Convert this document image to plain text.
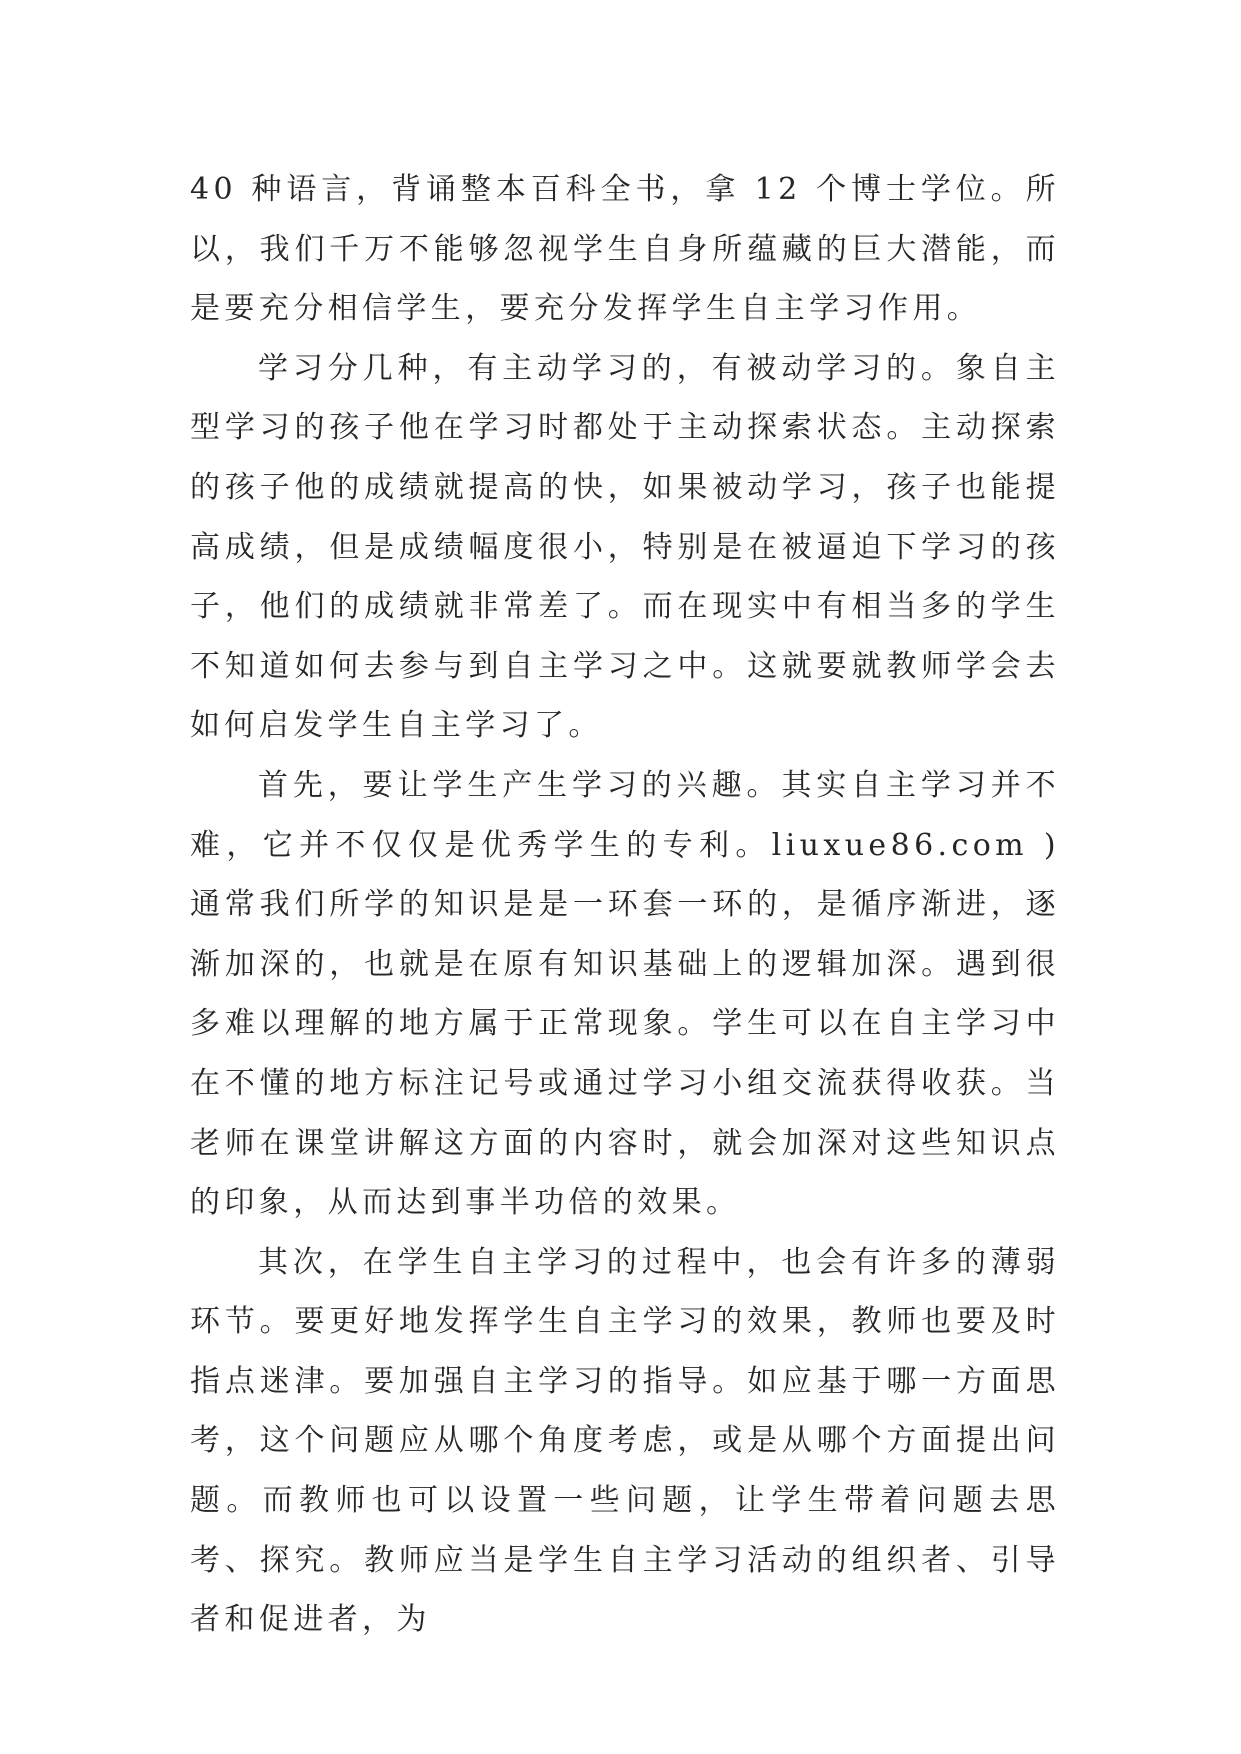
40 种语言，背诵整本百科全书，拿 12 个博士学位。所以，我们千万不能够忽视学生自身所蕴藏的巨大潜能，而是要充分相信学生，要充分发挥学生自主学习作用。

学习分几种，有主动学习的，有被动学习的。象自主型学习的孩子他在学习时都处于主动探索状态。主动探索的孩子他的成绩就提高的快，如果被动学习，孩子也能提高成绩，但是成绩幅度很小，特别是在被逼迫下学习的孩子，他们的成绩就非常差了。而在现实中有相当多的学生不知道如何去参与到自主学习之中。这就要就教师学会去如何启发学生自主学习了。

首先，要让学生产生学习的兴趣。其实自主学习并不难，它并不仅仅是优秀学生的专利。liuxue86.com )通常我们所学的知识是是一环套一环的，是循序渐进，逐渐加深的，也就是在原有知识基础上的逻辑加深。遇到很多难以理解的地方属于正常现象。学生可以在自主学习中在不懂的地方标注记号或通过学习小组交流获得收获。当老师在课堂讲解这方面的内容时，就会加深对这些知识点的印象，从而达到事半功倍的效果。

其次，在学生自主学习的过程中，也会有许多的薄弱环节。要更好地发挥学生自主学习的效果，教师也要及时指点迷津。要加强自主学习的指导。如应基于哪一方面思考，这个问题应从哪个角度考虑，或是从哪个方面提出问题。而教师也可以设置一些问题，让学生带着问题去思考、探究。教师应当是学生自主学习活动的组织者、引导者和促进者，为
